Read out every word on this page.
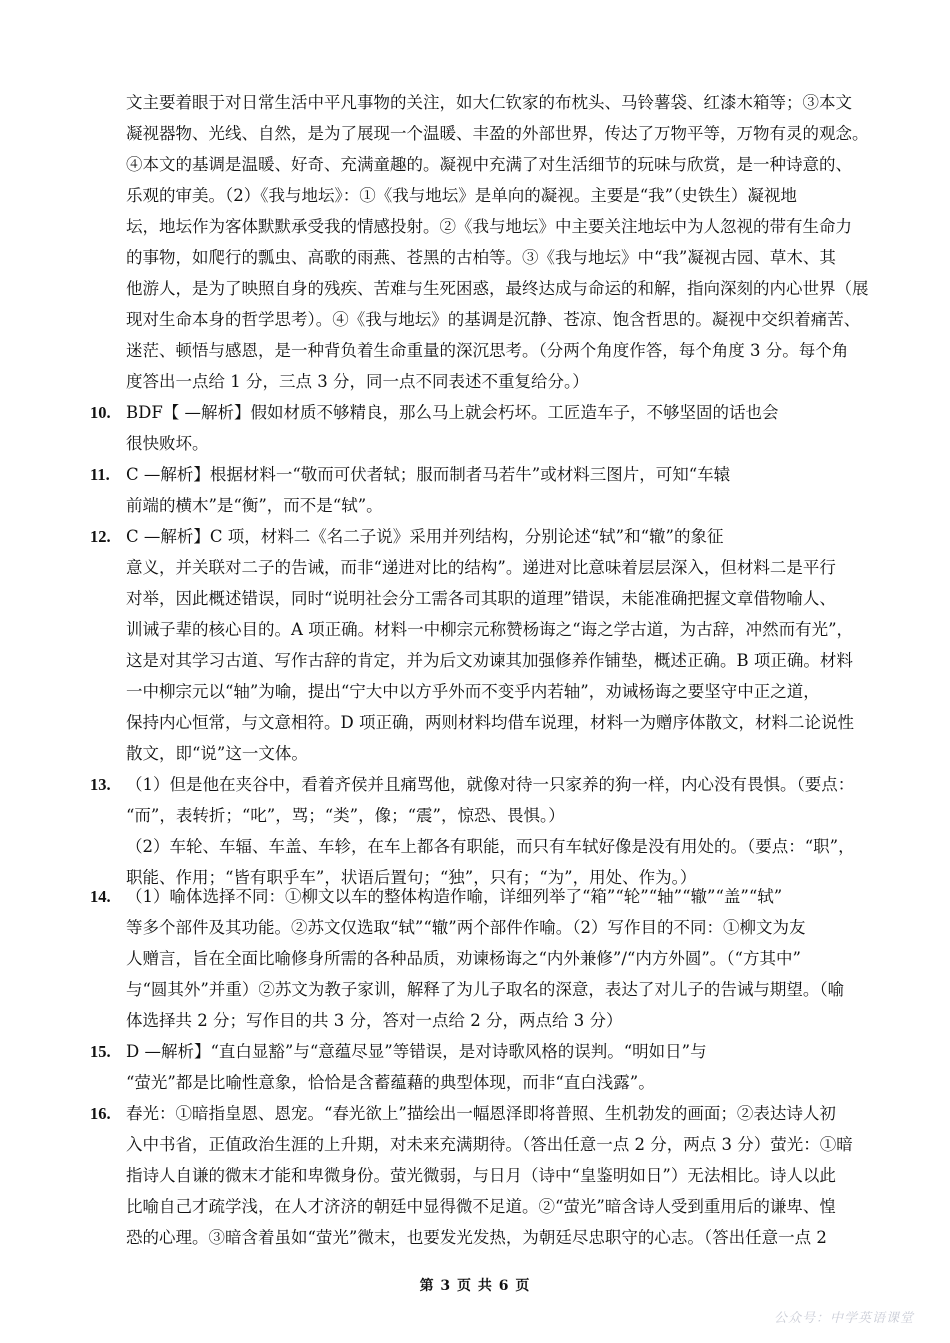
文主要着眼于对日常生活中平凡事物的关注，如大仁钦家的布枕头、马铃薯袋、红漆木箱等；③本文
凝视器物、光线、自然，是为了展现一个温暖、丰盈的外部世界，传达了万物平等，万物有灵的观念。
④本文的基调是温暖、好奇、充满童趣的。凝视中充满了对生活细节的玩味与欣赏，是一种诗意的、
乐观的审美。（2）《我与地坛》：①《我与地坛》是单向的凝视。主要是“我”（史铁生）凝视地
坛，地坛作为客体默默承受我的情感投射。②《我与地坛》中主要关注地坛中为人忽视的带有生命力
的事物，如爬行的瓢虫、高歌的雨燕、苍黑的古柏等。③《我与地坛》中“我”凝视古园、草木、其
他游人，是为了映照自身的残疾、苦难与生死困惑，最终达成与命运的和解，指向深刻的内心世界（展
现对生命本身的哲学思考）。④《我与地坛》的基调是沉静、苍凉、饱含哲思的。凝视中交织着痛苦、
迷茫、顿悟与感恩，是一种背负着生命重量的深沉思考。（分两个角度作答，每个角度 3 分。每个角
度答出一点给 1 分，三点 3 分，同一点不同表述不重复给分。）
10. BDF【 —解析】假如材质不够精良，那么马上就会朽坏。工匠造车子，不够坚固的话也会
很快败坏。
11. C —解析】根据材料一“敬而可伏者轼；服而制者马若牛”或材料三图片，可知“车辕
前端的横木”是“衡”，而不是“轼”。
12. C —解析】C 项，材料二《名二子说》采用并列结构，分别论述“轼”和“辙”的象征
意义，并关联对二子的告诫，而非“递进对比的结构”。递进对比意味着层层深入，但材料二是平行
对举，因此概述错误，同时“说明社会分工需各司其职的道理”错误，未能准确把握文章借物喻人、
训诫子辈的核心目的。A 项正确。材料一中柳宗元称赞杨诲之“诲之学古道，为古辞，冲然而有光”，
这是对其学习古道、写作古辞的肯定，并为后文劝谏其加强修养作铺垫，概述正确。B 项正确。材料
一中柳宗元以“轴”为喻，提出“宁大中以方乎外而不变乎内若轴”，劝诫杨诲之要坚守中正之道，
保持内心恒常，与文意相符。D 项正确，两则材料均借车说理，材料一为赠序体散文，材料二论说性
散文，即“说”这一文体。
13. （1）但是他在夹谷中，看着齐侯并且痛骂他，就像对待一只家养的狗一样，内心没有畏惧。（要点：
“而”，表转折；“叱”，骂；“类”，像；“震”，惊恐、畏惧。）
（2）车轮、车辐、车盖、车轸，在车上都各有职能，而只有车轼好像是没有用处的。（要点：“职”，
职能、作用；“皆有职乎车”，状语后置句；“独”，只有；“为”，用处、作为。）
14. （1）喻体选择不同：①柳文以车的整体构造作喻，详细列举了“箱”“轮”“轴”“辙”“盖”“轼”
等多个部件及其功能。②苏文仅选取“轼”“辙”两个部件作喻。（2）写作目的不同：①柳文为友
人赠言，旨在全面比喻修身所需的各种品质，劝谏杨诲之“内外兼修”/“内方外圆”。（“方其中”
与“圆其外”并重）②苏文为教子家训，解释了为儿子取名的深意，表达了对儿子的告诫与期望。（喻
体选择共 2 分；写作目的共 3 分，答对一点给 2 分，两点给 3 分）
15. D —解析】“直白显豁”与“意蕴尽显”等错误，是对诗歌风格的误判。“明如日”与
“萤光”都是比喻性意象，恰恰是含蓄蕴藉的典型体现，而非“直白浅露”。
16. 春光：①暗指皇恩、恩宠。“春光欲上”描绘出一幅恩泽即将普照、生机勃发的画面；②表达诗人初
入中书省，正值政治生涯的上升期，对未来充满期待。（答出任意一点 2 分，两点 3 分）萤光：①暗
指诗人自谦的微末才能和卑微身份。萤光微弱，与日月（诗中“皇鉴明如日”）无法相比。诗人以此
比喻自己才疏学浅，在人才济济的朝廷中显得微不足道。②“萤光”暗含诗人受到重用后的谦卑、惶
恐的心理。③暗含着虽如“萤光”微末，也要发光发热，为朝廷尽忠职守的心志。（答出任意一点 2
第 3 页 共 6 页
公众号：中学英语课堂
